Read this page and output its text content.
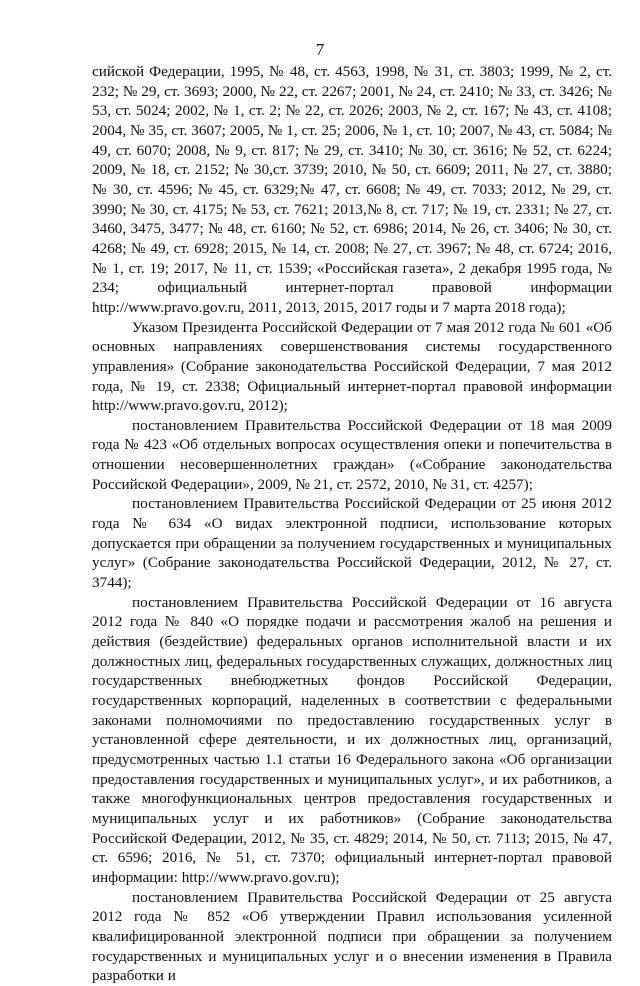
7

сийской Федерации, 1995, № 48, ст. 4563, 1998, № 31, ст. 3803; 1999, № 2, ст. 232; № 29, ст. 3693; 2000, № 22, ст. 2267; 2001, № 24, ст. 2410; № 33, ст. 3426; № 53, ст. 5024; 2002, № 1, ст. 2; № 22, ст. 2026; 2003, № 2, ст. 167; № 43, ст. 4108; 2004, № 35, ст. 3607; 2005, № 1, ст. 25; 2006, № 1, ст. 10; 2007, № 43, ст. 5084; № 49, ст. 6070; 2008, № 9, ст. 817; № 29, ст. 3410; № 30, ст. 3616; № 52, ст. 6224; 2009, № 18, ст. 2152; № 30,ст. 3739; 2010, № 50, ст. 6609; 2011, № 27, ст. 3880; № 30, ст. 4596; № 45, ст. 6329;№ 47, ст. 6608; № 49, ст. 7033; 2012, № 29, ст. 3990; № 30, ст. 4175; № 53, ст. 7621; 2013,№ 8, ст. 717; № 19, ст. 2331; № 27, ст. 3460, 3475, 3477; № 48, ст. 6160; № 52, ст. 6986; 2014, № 26, ст. 3406; № 30, ст. 4268; № 49, ст. 6928; 2015, № 14, ст. 2008; № 27, ст. 3967; № 48, ст. 6724; 2016, № 1, ст. 19; 2017, № 11, ст. 1539; «Российская газета», 2 декабря 1995 года, № 234; официальный интернет-портал правовой информации http://www.pravo.gov.ru, 2011, 2013, 2015, 2017 годы и 7 марта 2018 года);

Указом Президента Российской Федерации от 7 мая 2012 года № 601 «Об основных направлениях совершенствования системы государственного управления» (Собрание законодательства Российской Федерации, 7 мая 2012 года, № 19, ст. 2338; Официальный интернет-портал правовой информации http://www.pravo.gov.ru, 2012);

постановлением Правительства Российской Федерации от 18 мая 2009 года № 423 «Об отдельных вопросах осуществления опеки и попечительства в отношении несовершеннолетних граждан» («Собрание законодательства Российской Федерации», 2009, № 21, ст. 2572, 2010, № 31, ст. 4257);

постановлением Правительства Российской Федерации от 25 июня 2012 года № 634 «О видах электронной подписи, использование которых допускается при обращении за получением государственных и муниципальных услуг» (Собрание законодательства Российской Федерации, 2012, № 27, ст. 3744);

постановлением Правительства Российской Федерации от 16 августа 2012 года № 840 «О порядке подачи и рассмотрения жалоб на решения и действия (бездействие) федеральных органов исполнительной власти и их должностных лиц, федеральных государственных служащих, должностных лиц государственных внебюджетных фондов Российской Федерации, государственных корпораций, наделенных в соответствии с федеральными законами полномочиями по предоставлению государственных услуг в установленной сфере деятельности, и их должностных лиц, организаций, предусмотренных частью 1.1 статьи 16 Федерального закона «Об организации предоставления государственных и муниципальных услуг», и их работников, а также многофункциональных центров предоставления государственных и муниципальных услуг и их работников» (Собрание законодательства Российской Федерации, 2012, № 35, ст. 4829; 2014, № 50, ст. 7113; 2015, № 47, ст. 6596; 2016, № 51, ст. 7370; официальный интернет-портал правовой информации: http://www.pravo.gov.ru);

постановлением Правительства Российской Федерации от 25 августа 2012 года № 852 «Об утверждении Правил использования усиленной квалифицированной электронной подписи при обращении за получением государственных и муниципальных услуг и о внесении изменения в Правила разработки и
